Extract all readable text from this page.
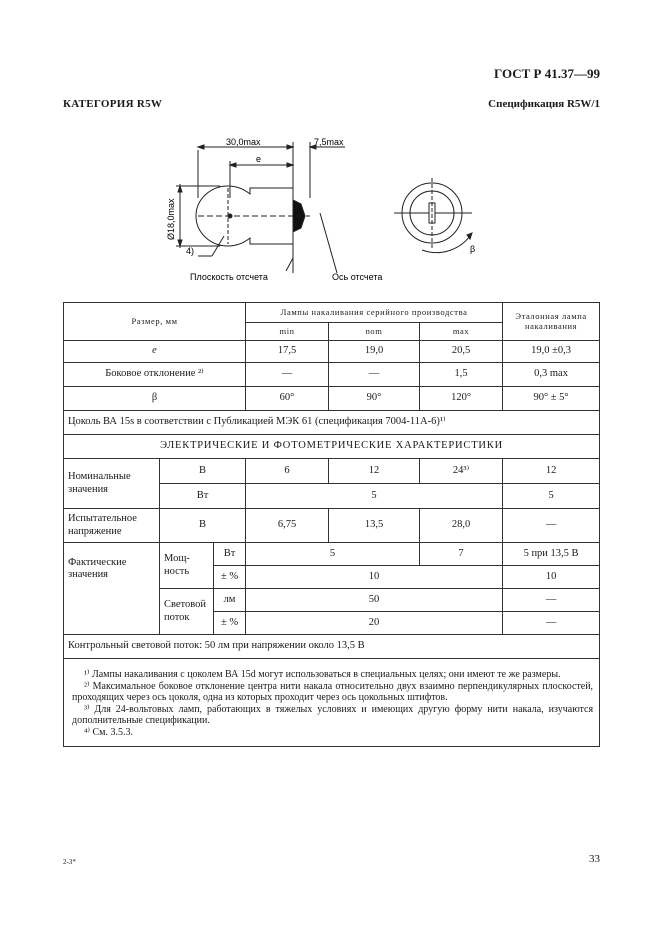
ГОСТ Р 41.37—99
КАТЕГОРИЯ R5W	Спецификация R5W/1
30,0max
e
7,5max
Ø18,0max
4)
Плоскость отсчета	Ось отсчета
β
Размер, мм			Лампы накаливания серийного производства			Эталонная лампа накаливания
			min	nom	max	
e			17,5	19,0	20,5	19,0 ±0,3
Боковое отклонение ²⁾			—	—	1,5	0,3 max
β			60°	90°	120°	90° ± 5°
Цоколь ВА 15s в соответствии с Публикацией МЭК 61 (спецификация 7004-11А-6)¹⁾						
ЭЛЕКТРИЧЕСКИЕ И ФОТОМЕТРИЧЕСКИЕ ХАРАКТЕРИСТИКИ						
Номинальные значения	В		6	12	24³⁾	12
	Вт		5			5
Испытательное напряжение	В		6,75	13,5	28,0	—
Фактические значения	Мощ-ность	Вт	5		7	5 при 13,5 В
		± %	10			10
	Световой поток	лм	50			—
		± %	20			—
Контрольный световой поток: 50 лм при напряжении около 13,5 В						

¹⁾ Лампы накаливания с цоколем ВА 15d могут использоваться в специальных целях; они имеют те же размеры.

²⁾ Максимальное боковое отклонение центра нити накала относительно двух взаимно перпендикулярных плоскостей, проходящих через ось цоколя, одна из которых проходит через ось цокольных штифтов.

³⁾ Для 24-вольтовых ламп, работающих в тяжелых условиях и имеющих другую форму нити накала, изучаются дополнительные спецификации.

⁴⁾ См. 3.5.3.						

2-3*	33
